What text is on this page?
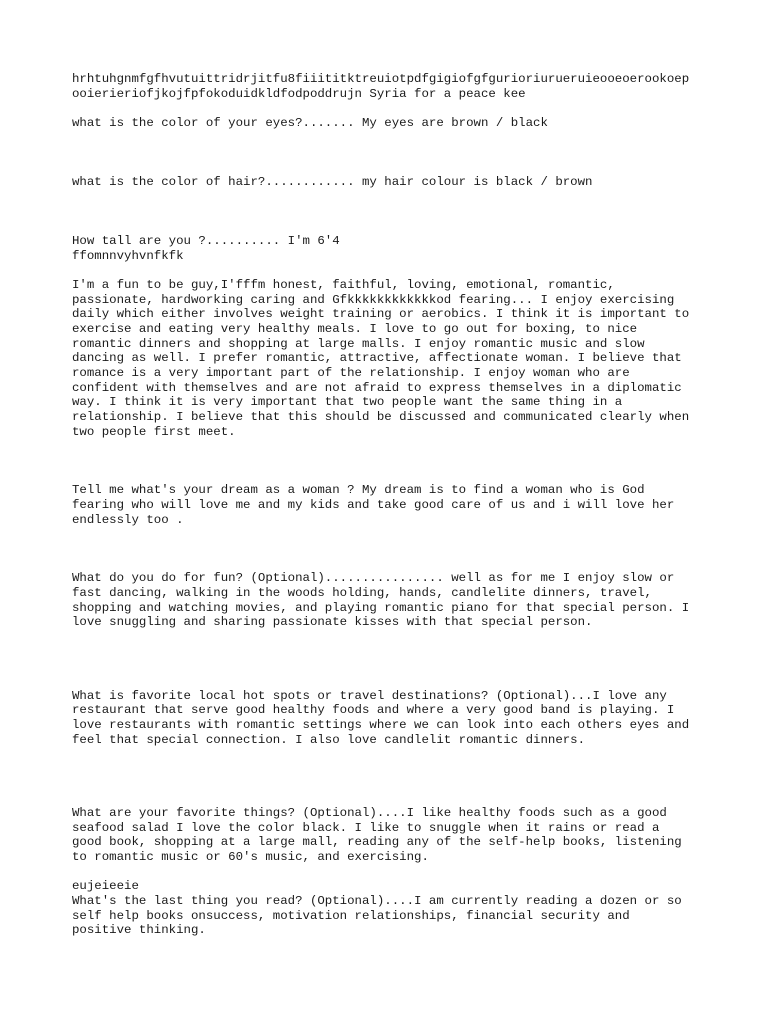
hrhtuhgnmfgfhvutuittridrjitfu8fiiititktreuiotpdfgigiofgfgurioriurueruieooeoerookoep

ooierieriofjkojfpfokoduidkldfodpoddrujn Syria for a peace kee

what is the color of your eyes?....... My eyes are brown / black

what is the color of hair?............ my hair colour is black / brown

How tall are you ?.......... I'm 6'4

ffomnnvyhvnfkfk

I'm a fun to be guy,I'fffm honest, faithful, loving, emotional, romantic,

passionate, hardworking caring and Gfkkkkkkkkkkkkod fearing... I enjoy exercising

daily which either involves weight training or aerobics. I think it is important to

exercise and eating very healthy meals. I love to go out for boxing, to nice

romantic dinners and shopping at large malls. I enjoy romantic music and slow

dancing as well. I prefer romantic, attractive, affectionate woman. I believe that

romance is a very important part of the relationship. I enjoy woman who are

confident with themselves and are not afraid to express themselves in a diplomatic

way. I think it is very important that two people want the same thing in a

relationship. I believe that this should be discussed and communicated clearly when

two people first meet.

Tell me what's your dream as a woman ? My dream is to find a woman who is God

fearing who will love me and my kids and take good care of us and i will love her

endlessly too .

What do you do for fun? (Optional)................ well as for me I enjoy slow or

fast dancing, walking in the woods holding, hands, candlelite dinners, travel,

shopping and watching movies, and playing romantic piano for that special person. I

love snuggling and sharing passionate kisses with that special person.

What is favorite local hot spots or travel destinations? (Optional)...I love any

restaurant that serve good healthy foods and where a very good band is playing. I

love restaurants with romantic settings where we can look into each others eyes and

feel that special connection. I also love candlelit romantic dinners.

What are your favorite things? (Optional)....I like healthy foods such as a good

seafood salad I love the color black. I like to snuggle when it rains or read a

good book, shopping at a large mall, reading any of the self-help books, listening

to romantic music or 60's music, and exercising.

eujeieeie

What's the last thing you read? (Optional)....I am currently reading a dozen or so

self help books onsuccess, motivation relationships, financial security and

positive thinking.
